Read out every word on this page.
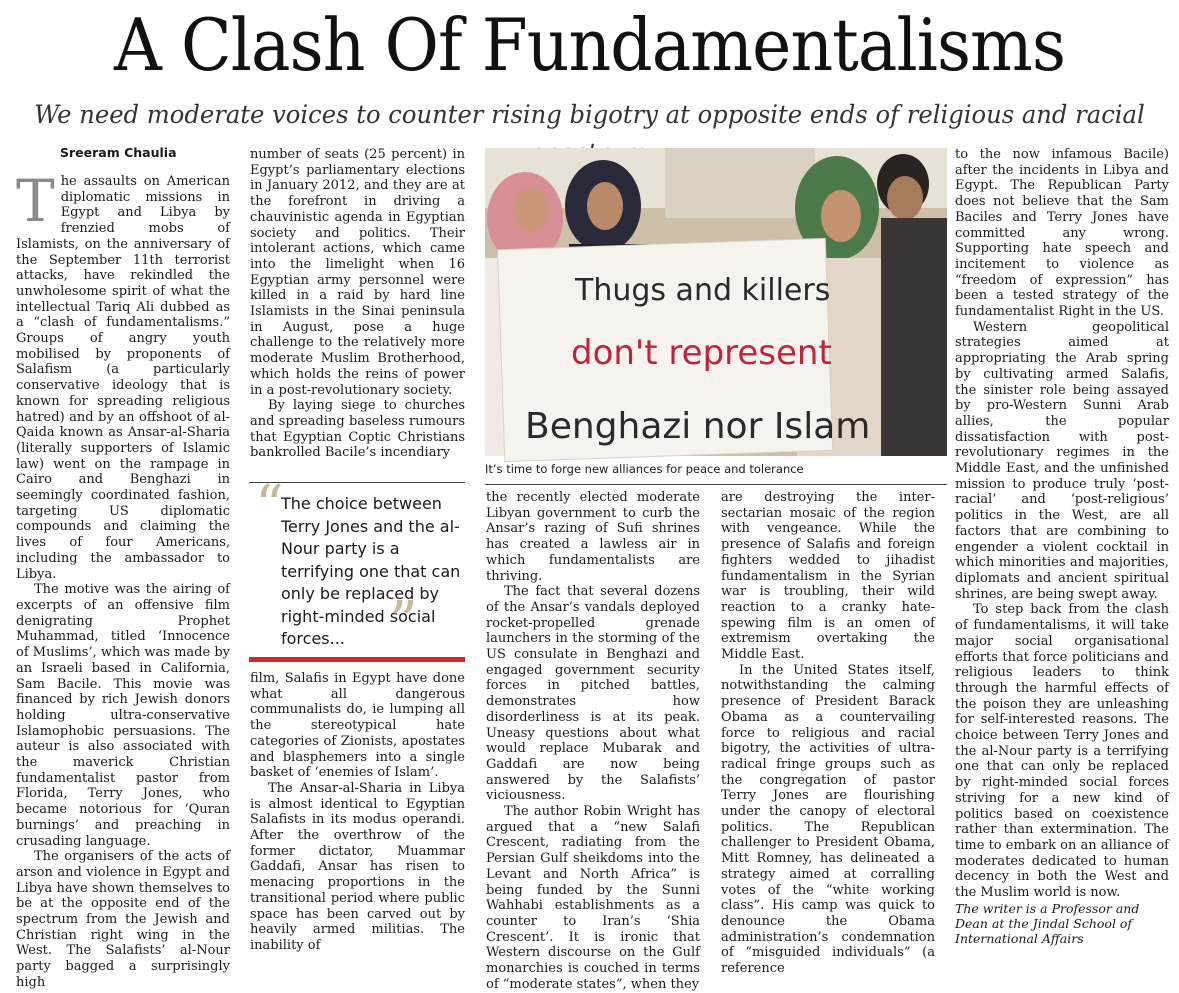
A Clash Of Fundamentalisms
We need moderate voices to counter rising bigotry at opposite ends of religious and racial
Sreeram Chaulia

The assaults on American diplomatic missions in Egypt and Libya by frenzied mobs of Islamists, on the anniversary of the September 11th terrorist attacks, have rekindled the unwholesome spirit of what the intellectual Tariq Ali dubbed as a “clash of fundamentalisms.” Groups of angry youth mobilised by proponents of Salafism (a particularly conservative ideology that is known for spreading religious hatred) and by an offshoot of al-Qaida known as Ansar-al-Sharia (literally supporters of Islamic law) went on the rampage in Cairo and Benghazi in seemingly coordinated fashion, targeting US diplomatic compounds and claiming the lives of four Americans, including the ambassador to Libya.

The motive was the airing of excerpts of an offensive film denigrating Prophet Muhammad, titled ‘Innocence of Muslims’, which was made by an Israeli based in California, Sam Bacile. This movie was financed by rich Jewish donors holding ultra-conservative Islamophobic persuasions. The auteur is also associated with the maverick Christian fundamentalist pastor from Florida, Terry Jones, who became notorious for ‘Quran burnings’ and preaching in crusading language.

The organisers of the acts of arson and violence in Egypt and Libya have shown themselves to be at the opposite end of the spectrum from the Jewish and Christian right wing in the West. The Salafists’ al-Nour party bagged a surprisingly high

number of seats (25 percent) in Egypt’s parliamentary elections in January 2012, and they are at the forefront in driving a chauvinistic agenda in Egyptian society and politics. Their intolerant actions, which came into the limelight when 16 Egyptian army personnel were killed in a raid by hard line Islamists in the Sinai peninsula in August, pose a huge challenge to the relatively more moderate Muslim Brotherhood, which holds the reins of power in a post-revolutionary society.

By laying siege to churches and spreading baseless rumours that Egyptian Coptic Christians bankrolled Bacile’s incendiary

“
The choice between Terry Jones and the al-Nour party is a terrifying one that can only be replaced by right-minded social forces... ”

film, Salafis in Egypt have done what all dangerous communalists do, ie lumping all the stereotypical hate categories of Zionists, apostates and blasphemers into a single basket of ‘enemies of Islam’.

The Ansar-al-Sharia in Libya is almost identical to Egyptian Salafists in its modus operandi. After the overthrow of the former dictator, Muammar Gaddafi, Ansar has risen to menacing proportions in the transitional period where public space has been carved out by heavily armed militias. The inability of

Thugs and killers
don't represent
Benghazi nor Islam
It’s time to forge new alliances for peace and tolerance

the recently elected moderate Libyan government to curb the Ansar’s razing of Sufi shrines has created a lawless air in which fundamentalists are thriving.

The fact that several dozens of the Ansar’s vandals deployed rocket-propelled grenade launchers in the storming of the US consulate in Benghazi and engaged government security forces in pitched battles, demonstrates how disorderliness is at its peak. Uneasy questions about what would replace Mubarak and Gaddafi are now being answered by the Salafists’ viciousness.

The author Robin Wright has argued that a “new Salafi Crescent, radiating from the Persian Gulf sheikdoms into the Levant and North Africa” is being funded by the Sunni Wahhabi establishments as a counter to Iran’s ‘Shia Crescent’. It is ironic that Western discourse on the Gulf monarchies is couched in terms of “moderate states”, when they

are destroying the inter-sectarian mosaic of the region with vengeance. While the presence of Salafis and foreign fighters wedded to jihadist fundamentalism in the Syrian war is troubling, their wild reaction to a cranky hate-spewing film is an omen of extremism overtaking the Middle East.

In the United States itself, notwithstanding the calming presence of President Barack Obama as a countervailing force to religious and racial bigotry, the activities of ultra-radical fringe groups such as the congregation of pastor Terry Jones are flourishing under the canopy of electoral politics. The Republican challenger to President Obama, Mitt Romney, has delineated a strategy aimed at corralling votes of the “white working class”. His camp was quick to denounce the Obama administration’s condemnation of “misguided individuals” (a reference

to the now infamous Bacile) after the incidents in Libya and Egypt. The Republican Party does not believe that the Sam Baciles and Terry Jones have committed any wrong. Supporting hate speech and incitement to violence as “freedom of expression” has been a tested strategy of the fundamentalist Right in the US.

Western geopolitical strategies aimed at appropriating the Arab spring by cultivating armed Salafis, the sinister role being assayed by pro-Western Sunni Arab allies, the popular dissatisfaction with post-revolutionary regimes in the Middle East, and the unfinished mission to produce truly ‘post-racial’ and ‘post-religious’ politics in the West, are all factors that are combining to engender a violent cocktail in which minorities and majorities, diplomats and ancient spiritual shrines, are being swept away.

To step back from the clash of fundamentalisms, it will take major social organisational efforts that force politicians and religious leaders to think through the harmful effects of the poison they are unleashing for self-interested reasons. The choice between Terry Jones and the al-Nour party is a terrifying one that can only be replaced by right-minded social forces striving for a new kind of politics based on coexistence rather than extermination. The time to embark on an alliance of moderates dedicated to human decency in both the West and the Muslim world is now.

The writer is a Professor and Dean at the Jindal School of International Affairs
